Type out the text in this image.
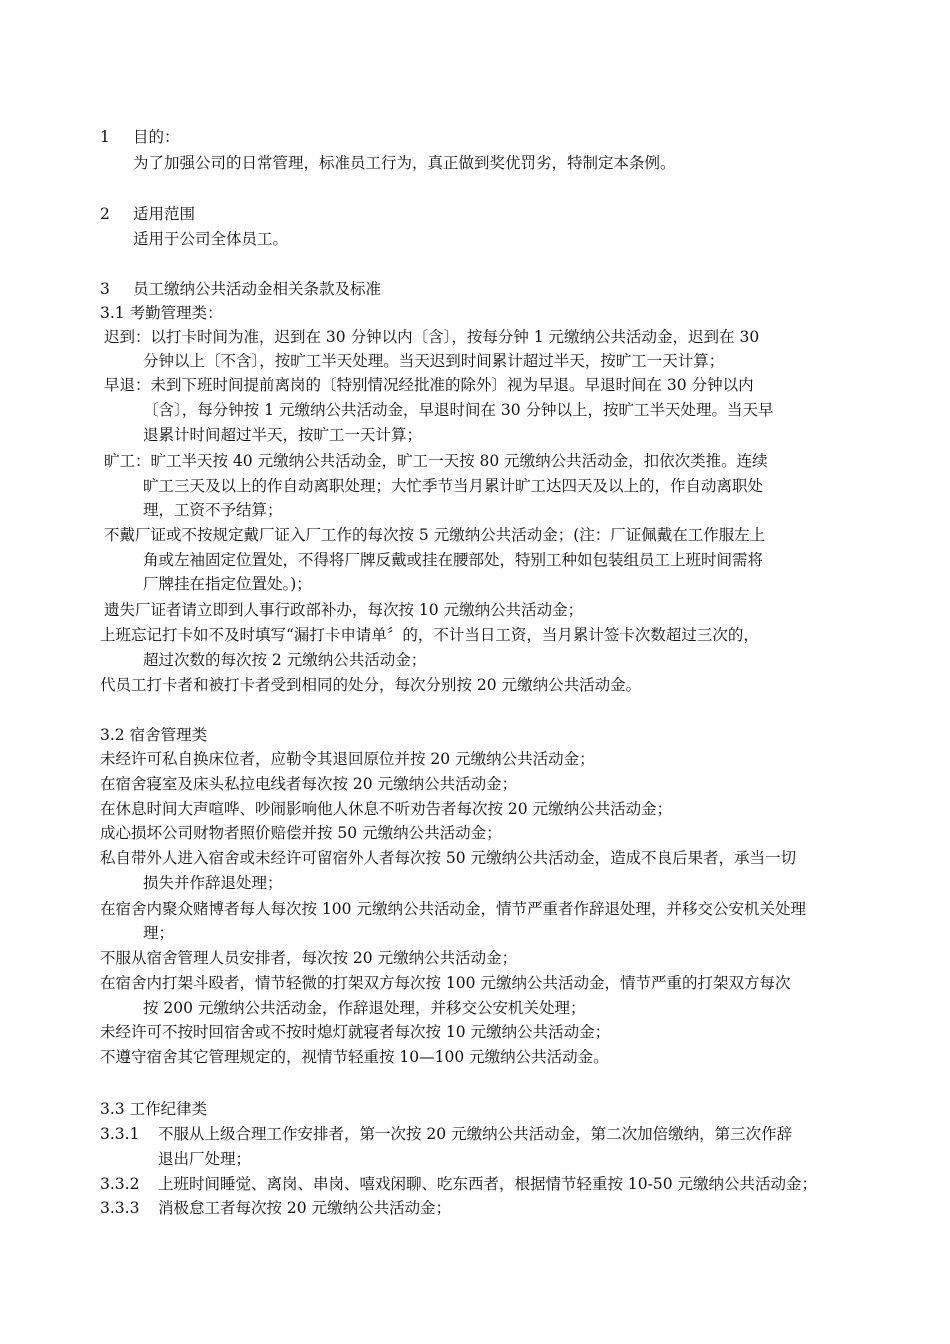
1 目的：
为了加强公司的日常管理，标准员工行为，真正做到奖优罚劣，特制定本条例。
2 适用范围
适用于公司全体员工。
3 员工缴纳公共活动金相关条款及标准
3.1 考勤管理类：
迟到：以打卡时间为准，迟到在 30 分钟以内〔含〕，按每分钟 1 元缴纳公共活动金，迟到在 30
分钟以上〔不含〕，按旷工半天处理。当天迟到时间累计超过半天，按旷工一天计算；
早退：未到下班时间提前离岗的〔特别情况经批准的除外〕视为早退。早退时间在 30 分钟以内
〔含〕，每分钟按 1 元缴纳公共活动金，早退时间在 30 分钟以上，按旷工半天处理。当天早
退累计时间超过半天，按旷工一天计算；
旷工：旷工半天按 40 元缴纳公共活动金，旷工一天按 80 元缴纳公共活动金，扣依次类推。连续
旷工三天及以上的作自动离职处理；大忙季节当月累计旷工达四天及以上的，作自动离职处
理，工资不予结算；
不戴厂证或不按规定戴厂证入厂工作的每次按 5 元缴纳公共活动金；(注：厂证佩戴在工作服左上
角或左袖固定位置处，不得将厂牌反戴或挂在腰部处，特别工种如包装组员工上班时间需将
厂牌挂在指定位置处。)；
遗失厂证者请立即到人事行政部补办，每次按 10 元缴纳公共活动金；
上班忘记打卡如不及时填写“漏打卡申请单〞的，不计当日工资，当月累计签卡次数超过三次的，
超过次数的每次按 2 元缴纳公共活动金；
代员工打卡者和被打卡者受到相同的处分，每次分别按 20 元缴纳公共活动金。
3.2 宿舍管理类
未经许可私自换床位者，应勒令其退回原位并按 20 元缴纳公共活动金；
在宿舍寝室及床头私拉电线者每次按 20 元缴纳公共活动金；
在休息时间大声喧哗、吵闹影响他人休息不听劝告者每次按 20 元缴纳公共活动金；
成心损坏公司财物者照价赔偿并按 50 元缴纳公共活动金；
私自带外人进入宿舍或未经许可留宿外人者每次按 50 元缴纳公共活动金，造成不良后果者，承当一切
损失并作辞退处理；
在宿舍内聚众赌博者每人每次按 100 元缴纳公共活动金，情节严重者作辞退处理，并移交公安机关处理
理；
不服从宿舍管理人员安排者，每次按 20 元缴纳公共活动金；
在宿舍内打架斗殴者，情节轻微的打架双方每次按 100 元缴纳公共活动金，情节严重的打架双方每次
按 200 元缴纳公共活动金，作辞退处理，并移交公安机关处理；
未经许可不按时回宿舍或不按时熄灯就寝者每次按 10 元缴纳公共活动金；
不遵守宿舍其它管理规定的，视情节轻重按 10—100 元缴纳公共活动金。
3.3 工作纪律类
3.3.1 不服从上级合理工作安排者，第一次按 20 元缴纳公共活动金，第二次加倍缴纳，第三次作辞
退出厂处理；
3.3.2 上班时间睡觉、离岗、串岗、嘻戏闲聊、吃东西者，根据情节轻重按 10-50 元缴纳公共活动金；
3.3.3 消极怠工者每次按 20 元缴纳公共活动金；
